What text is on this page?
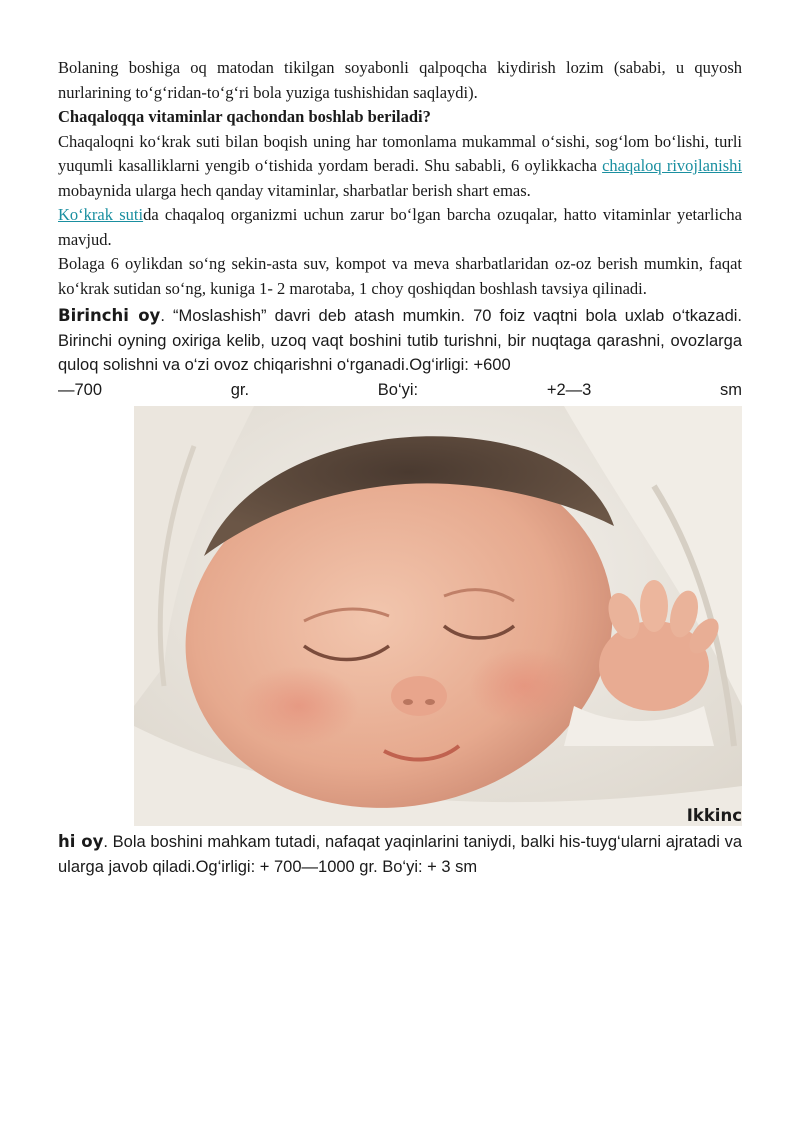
Bolaning boshiga oq matodan tikilgan soyabonli qalpoqcha kiydirish lozim (sababi, u quyosh nurlarining to‘g‘ridan-to‘g‘ri bola yuziga tushishidan saqlaydi).

Chaqaloqqa vitaminlar qachondan boshlab beriladi?

Chaqaloqni ko‘krak suti bilan boqish uning har tomonlama mukammal o‘sishi, sog‘lom bo‘lishi, turli yuqumli kasalliklarni yengib o‘tishida yordam beradi. Shu sababli, 6 oylikkacha chaqaloq rivojlanishi mobaynida ularga hech qanday vitaminlar, sharbatlar berish shart emas.

Ko‘krak sutida chaqaloq organizmi uchun zarur bo‘lgan barcha ozuqalar, hatto vitaminlar yetarlicha mavjud.

Bolaga 6 oylikdan so‘ng sekin-asta suv, kompot va meva sharbatlaridan oz-oz berish mumkin, faqat ko‘krak sutidan so‘ng, kuniga 1- 2 marotaba, 1 choy qoshiqdan boshlash tavsiya qilinadi.

Birinchi oy. “Moslashish” davri deb atash mumkin. 70 foiz vaqtni bola uxlab o‘tkazadi. Birinchi oyning oxiriga kelib, uzoq vaqt boshini tutib turishni, bir nuqtaga qarashni, ovozlarga quloq solishni va o‘zi ovoz chiqarishni o‘rganadi.Og‘irligi: +600

—700	gr.	Bo‘yi:	+2—3	sm
Ikkinc

hi oy. Bola boshini mahkam tutadi, nafaqat yaqinlarini taniydi, balki his-tuyg‘ularni ajratadi va ularga javob qiladi.Og‘irligi: + 700—1000 gr. Bo‘yi: + 3 sm
